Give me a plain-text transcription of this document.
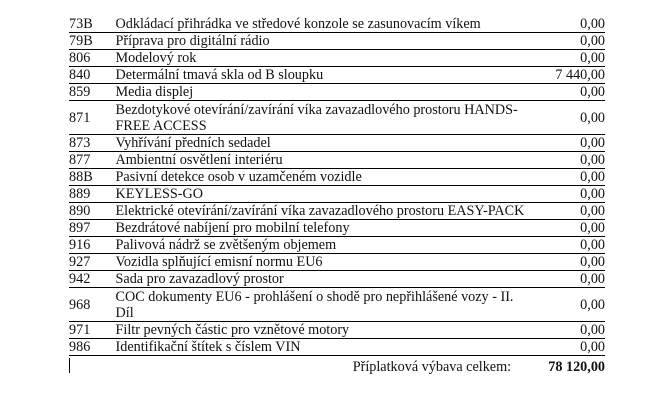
73B	Odkládací přihrádka ve středové konzole se zasunovacím víkem	0,00
79B	Příprava pro digitální rádio	0,00
806	Modelový rok	0,00
840	Determální tmavá skla od B sloupku	7 440,00
859	Media displej	0,00
871	Bezdotykové otevírání/zavírání víka zavazadlového prostoru HANDS-FREE ACCESS	0,00
873	Vyhřívání předních sedadel	0,00
877	Ambientní osvětlení interiéru	0,00
88B	Pasivní detekce osob v uzamčeném vozidle	0,00
889	KEYLESS-GO	0,00
890	Elektrické otevírání/zavírání víka zavazadlového prostoru EASY-PACK	0,00
897	Bezdrátové nabíjení pro mobilní telefony	0,00
916	Palivová nádrž se zvětšeným objemem	0,00
927	Vozidla splňující emisní normu EU6	0,00
942	Sada pro zavazadlový prostor	0,00
968	COC dokumenty EU6 - prohlášení o shodě pro nepřihlášené vozy - II. Díl	0,00
971	Filtr pevných částic pro vznětové motory	0,00
986	Identifikační štítek s číslem VIN	0,00
	Příplatková výbava celkem:	78 120,00
